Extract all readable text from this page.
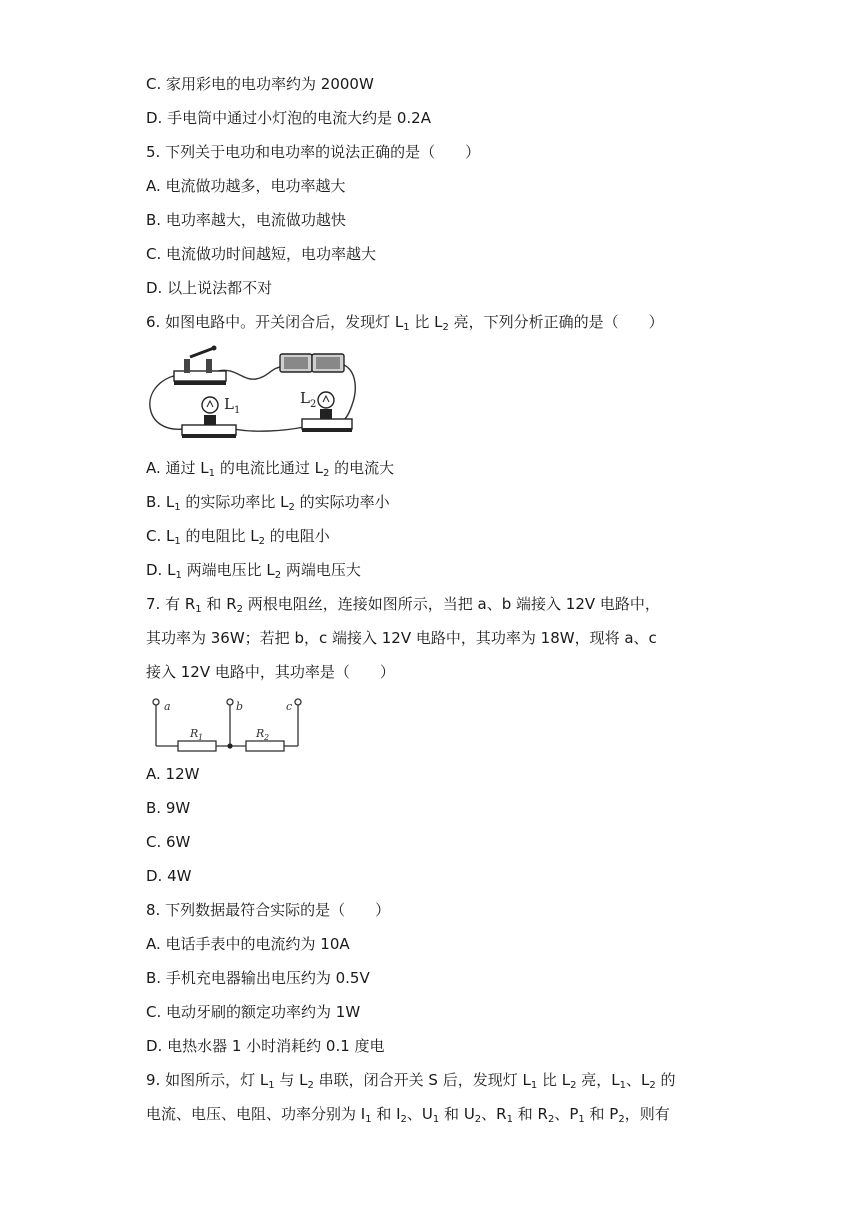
C. 家用彩电的电功率约为 2000W
D. 手电筒中通过小灯泡的电流大约是 0.2A
5. 下列关于电功和电功率的说法正确的是（　　）
A. 电流做功越多，电功率越大
B. 电功率越大，电流做功越快
C. 电流做功时间越短，电功率越大
D. 以上说法都不对
6. 如图电路中。开关闭合后，发现灯 $L_1$ 比 $L_2$ 亮，下列分析正确的是（　　）
L 1
L 2
A. 通过 $L_1$ 的电流比通过 $L_2$ 的电流大
B. $L_1$ 的实际功率比 $L_2$ 的实际功率小
C. $L_1$ 的电阻比 $L_2$ 的电阻小
D. $L_1$ 两端电压比 $L_2$ 两端电压大
7. 有 $R_1$ 和 $R_2$ 两根电阻丝，连接如图所示，当把 a、b 端接入 12V 电路中，
其功率为 36W；若把 b，c 端接入 12V 电路中，其功率为 18W，现将 a、c
接入 12V 电路中，其功率是（　　）
a	b	c
R 1	R 2
A. 12W
B. 9W
C. 6W
D. 4W
8. 下列数据最符合实际的是（　　）
A. 电话手表中的电流约为 10A
B. 手机充电器输出电压约为 0.5V
C. 电动牙刷的额定功率约为 1W
D. 电热水器 1 小时消耗约 0.1 度电
9. 如图所示，灯 $L_1$ 与 $L_2$ 串联，闭合开关 S 后，发现灯 $L_1$ 比 $L_2$ 亮，$L_1$、$L_2$ 的
电流、电压、电阻、功率分别为 $I_1$ 和 $I_2$、$U_1$ 和 $U_2$、$R_1$ 和 $R_2$、$P_1$ 和 $P_2$，则有
